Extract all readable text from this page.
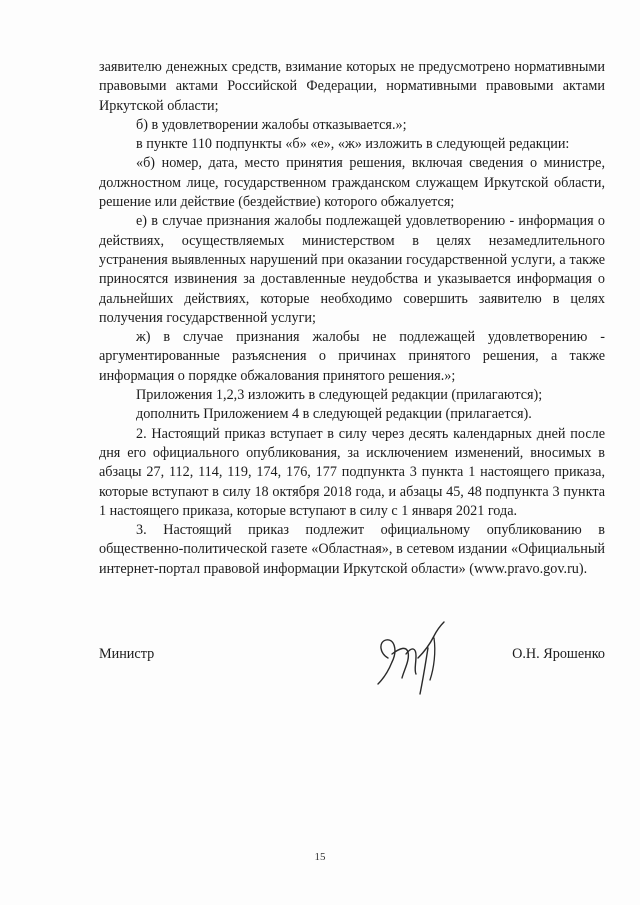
заявителю денежных средств, взимание которых не предусмотрено нормативными правовыми актами Российской Федерации, нормативными правовыми актами Иркутской области;

б) в удовлетворении жалобы отказывается.»;

в пункте 110 подпункты «б» «е», «ж» изложить в следующей редакции:

«б) номер, дата, место принятия решения, включая сведения о министре, должностном лице, государственном гражданском служащем Иркутской области, решение или действие (бездействие) которого обжалуется;

е) в случае признания жалобы подлежащей удовлетворению - информация о действиях, осуществляемых министерством в целях незамедлительного устранения выявленных нарушений при оказании государственной услуги, а также приносятся извинения за доставленные неудобства и указывается информация о дальнейших действиях, которые необходимо совершить заявителю в целях получения государственной услуги;

ж) в случае признания жалобы не подлежащей удовлетворению - аргументированные разъяснения о причинах принятого решения, а также информация о порядке обжалования принятого решения.»;

Приложения 1,2,3 изложить в следующей редакции (прилагаются);

дополнить Приложением 4 в следующей редакции (прилагается).

2. Настоящий приказ вступает в силу через десять календарных дней после дня его официального опубликования, за исключением изменений, вносимых в абзацы 27, 112, 114, 119, 174, 176, 177 подпункта 3 пункта 1 настоящего приказа, которые вступают в силу 18 октября 2018 года, и абзацы 45, 48 подпункта 3 пункта 1 настоящего приказа, которые вступают в силу с 1 января 2021 года.

3. Настоящий приказ подлежит официальному опубликованию в общественно-политической газете «Областная», в сетевом издании «Официальный интернет-портал правовой информации Иркутской области» (www.pravo.gov.ru).

Министр	О.Н. Ярошенко
15
